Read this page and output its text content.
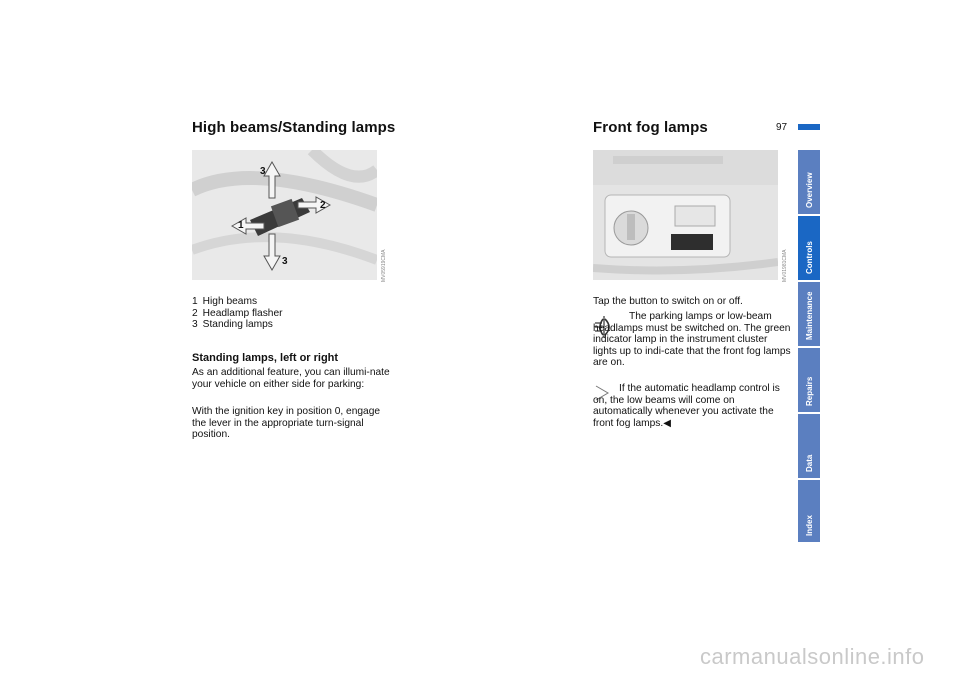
High beams/Standing lamps	Front fog lamps	97
3
2
1
3	MV05919CMA
1 High beams
2 Headlamp flasher
3 Standing lamps
Standing lamps, left or right
As an additional feature, you can illumi-nate your vehicle on either side for parking:
With the ignition key in position 0, engage the lever in the appropriate turn-signal position.
MV01981CMA
Tap the button to switch on or off.
The parking lamps or low-beam headlamps must be switched on. The green indicator lamp in the instrument cluster lights up to indi-cate that the front fog lamps are on.
If the automatic headlamp control is on, the low beams will come on automatically whenever you activate the front fog lamps.◀
Overview
Controls
Maintenance
Repairs
Data
Index
carmanualsonline.info
